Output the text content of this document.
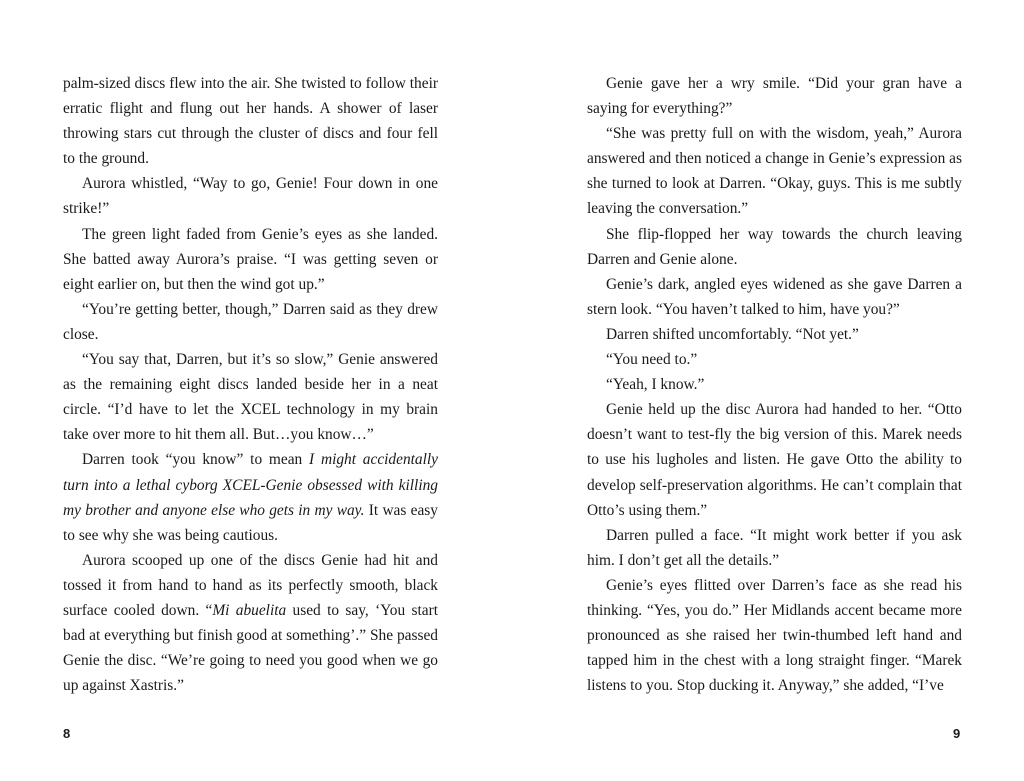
palm-sized discs flew into the air. She twisted to follow their erratic flight and flung out her hands. A shower of laser throwing stars cut through the cluster of discs and four fell to the ground.

Aurora whistled, “Way to go, Genie! Four down in one strike!”

The green light faded from Genie’s eyes as she landed. She batted away Aurora’s praise. “I was getting seven or eight earlier on, but then the wind got up.”

“You’re getting better, though,” Darren said as they drew close.

“You say that, Darren, but it’s so slow,” Genie answered as the remaining eight discs landed beside her in a neat circle. “I’d have to let the XCEL technology in my brain take over more to hit them all. But…you know…”

Darren took “you know” to mean I might accidentally turn into a lethal cyborg XCEL-Genie obsessed with killing my brother and anyone else who gets in my way. It was easy to see why she was being cautious.

Aurora scooped up one of the discs Genie had hit and tossed it from hand to hand as its perfectly smooth, black surface cooled down. “Mi abuelita used to say, ‘You start bad at everything but finish good at something’.” She passed Genie the disc. “We’re going to need you good when we go up against Xastris.”

8

Genie gave her a wry smile. “Did your gran have a saying for everything?”

“She was pretty full on with the wisdom, yeah,” Aurora answered and then noticed a change in Genie’s expression as she turned to look at Darren. “Okay, guys. This is me subtly leaving the conversation.”

She flip-flopped her way towards the church leaving Darren and Genie alone.

Genie’s dark, angled eyes widened as she gave Darren a stern look. “You haven’t talked to him, have you?”

Darren shifted uncomfortably. “Not yet.”

“You need to.”

“Yeah, I know.”

Genie held up the disc Aurora had handed to her. “Otto doesn’t want to test-fly the big version of this. Marek needs to use his lugholes and listen. He gave Otto the ability to develop self-preservation algorithms. He can’t complain that Otto’s using them.”

Darren pulled a face. “It might work better if you ask him. I don’t get all the details.”

Genie’s eyes flitted over Darren’s face as she read his thinking. “Yes, you do.” Her Midlands accent became more pronounced as she raised her twin-thumbed left hand and tapped him in the chest with a long straight finger. “Marek listens to you. Stop ducking it. Anyway,” she added, “I’ve

9
